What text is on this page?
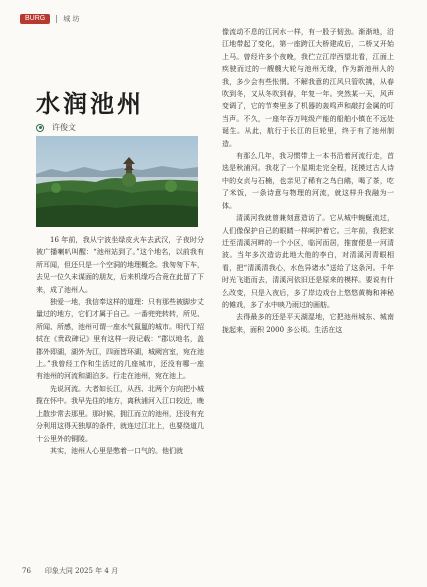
BURG	城 坊
水润池州
许俊文

16 年前，我从宁波坐绿皮火车去武汉，子夜时分被广播喇叭叫醒：“池州站到了。”这个地名，以前我有所耳闻，但还只是一个空洞的地理概念。我匆匆下车，去见一位久未谋面的朋友，后来机缘巧合竟在此留了下来，成了池州人。

独爱一地，我信奉这样的道理：只有那些被脚步丈量过的地方，它们才属于自己。一番兜兜转转，所见、所闻、所感，池州可谓一座水气氤氲的城市。明代丁绍轼在《贵政碑记》里有这样一段记载：“郡以地名，盖郡外即湖，湖外为江，四面皆环湖，城阙宫室，宛在池上。”我曾经工作和生活过的几座城市，还没有哪一座有池州的河流和湖泊多。行走在池州，宛在池上。

先说河流。大者如长江，从西、北两个方向把小城揽在怀中。我早先住的地方，离秋浦河入江口较近，晚上散步常去那里。那时候，拥江而立的池州，还没有充分利用这得天独厚的条件，就连过江北上，也要绕道几十公里外的铜陵。

其实，池州人心里是憋着一口气的。他们就

像流动不息的江河水一样，有一股子韧劲。渐渐地，沿江地带起了变化，第一座跨江大桥建成后，二桥又开始上马。曾经许多个夜晚，我伫立江岸西望北看，江面上疾驶而过的一艘艘大轮与池州无缘，作为新池州人的我，多少会有些怅惘。不解我意的江风只管吹拂，从春吹到冬，又从冬吹到春，年复一年。突然某一天，风声变调了，它的节奏里多了机器的轰鸣声和敲打金属的叮当声。不久，一座年吞万吨级产能的船舶小镇在不远处诞生。从此，航行于长江的巨轮里，终于有了池州制造。

有那么几年，我习惯带上一本书沿着河流行走，首选是秋浦河。我花了一个星期走完全程，抚摸过古人诗中的女贞与石楠，也亲见了稀有之鸟白鹇，喝了茶，吃了米饭，一条诗意与物理的河流，就这样升我融为一体。

清溪河我就曾兼刻意造访了。它从城中蜿蜒流过，人们像保护自己的眼睛一样呵护着它。三年前，我把家迁至清溪河畔的一个小区，临河而居，推窗便是一河清波。当年多次造访此地大他的李白，对清溪河青眼相看，把“清溪清我心，水色异诸水”送给了这条河。千年时光飞逝而去，清溪河依旧还是原来的模样。要说有什么改变，只是入夜后，多了岸边戏台上悠悠黄梅和神秘的傩戏，多了水中映乃雨过的画舫。

去得最多的还是平天湖湿地，它把池州城东、城南拢起来，面积 2000 多公顷。生活在这

76 印象大同 2025 年 4 月
